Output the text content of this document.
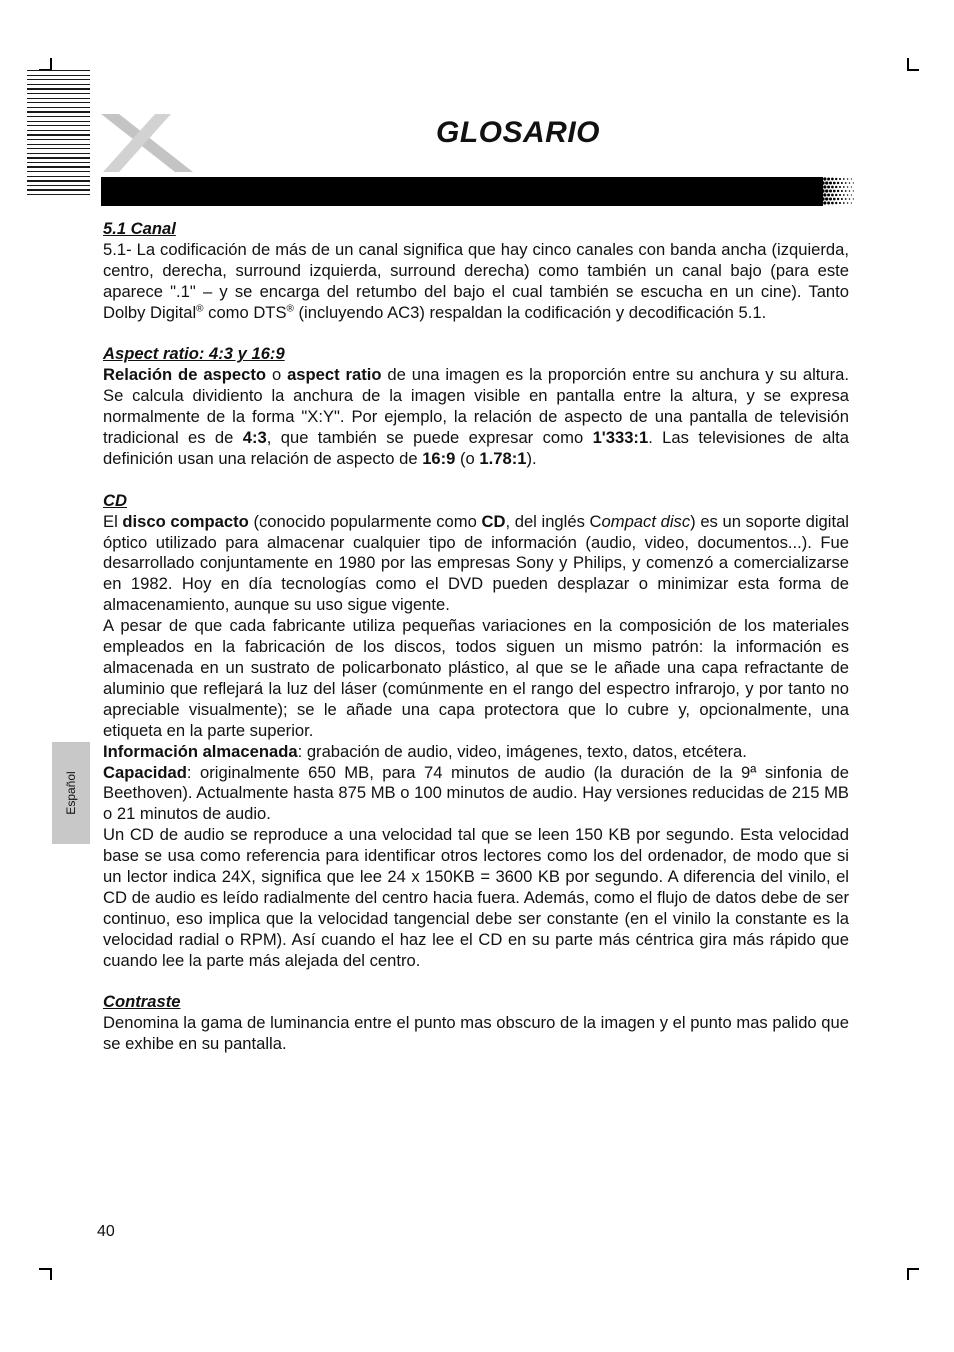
GLOSARIO
Español
5.1 Canal

5.1- La codificación de más de un canal significa que hay cinco canales con banda ancha (izquierda, centro, derecha, surround izquierda, surround derecha) como también un canal bajo (para este aparece ".1" – y se encarga del retumbo del bajo el cual también se escucha en un cine). Tanto Dolby Digital® como DTS® (incluyendo AC3) respaldan la codificación y decodificación 5.1.

Aspect ratio: 4:3 y 16:9

Relación de aspecto o aspect ratio de una imagen es la proporción entre su anchura y su altura. Se calcula dividiento la anchura de la imagen visible en pantalla entre la altura, y se expresa normalmente de la forma "X:Y". Por ejemplo, la relación de aspecto de una pantalla de televisión tradicional es de 4:3, que también se puede expresar como 1'333:1. Las televisiones de alta definición usan una relación de aspecto de 16:9 (o 1.78:1).

CD

El disco compacto (conocido popularmente como CD, del inglés Compact disc) es un soporte digital óptico utilizado para almacenar cualquier tipo de información (audio, video, documentos...). Fue desarrollado conjuntamente en 1980 por las empresas Sony y Philips, y comenzó a comercializarse en 1982. Hoy en día tecnologías como el DVD pueden desplazar o minimizar esta forma de almacenamiento, aunque su uso sigue vigente.

A pesar de que cada fabricante utiliza pequeñas variaciones en la composición de los materiales empleados en la fabricación de los discos, todos siguen un mismo patrón: la información es almacenada en un sustrato de policarbonato plástico, al que se le añade una capa refractante de aluminio que reflejará la luz del láser (comúnmente en el rango del espectro infrarojo, y por tanto no apreciable visualmente); se le añade una capa protectora que lo cubre y, opcionalmente, una etiqueta en la parte superior.

Información almacenada: grabación de audio, video, imágenes, texto, datos, etcétera.

Capacidad: originalmente 650 MB, para 74 minutos de audio (la duración de la 9ª sinfonia de Beethoven). Actualmente hasta 875 MB o 100 minutos de audio. Hay versiones reducidas de 215 MB o 21 minutos de audio.

Un CD de audio se reproduce a una velocidad tal que se leen 150 KB por segundo. Esta velocidad base se usa como referencia para identificar otros lectores como los del ordenador, de modo que si un lector indica 24X, significa que lee 24 x 150KB = 3600 KB por segundo. A diferencia del vinilo, el CD de audio es leído radialmente del centro hacia fuera. Además, como el flujo de datos debe de ser continuo, eso implica que la velocidad tangencial debe ser constante (en el vinilo la constante es la velocidad radial o RPM). Así cuando el haz lee el CD en su parte más céntrica gira más rápido que cuando lee la parte más alejada del centro.

Contraste

Denomina la gama de luminancia entre el punto mas obscuro de la imagen y el punto mas palido que se exhibe en su pantalla.

40
